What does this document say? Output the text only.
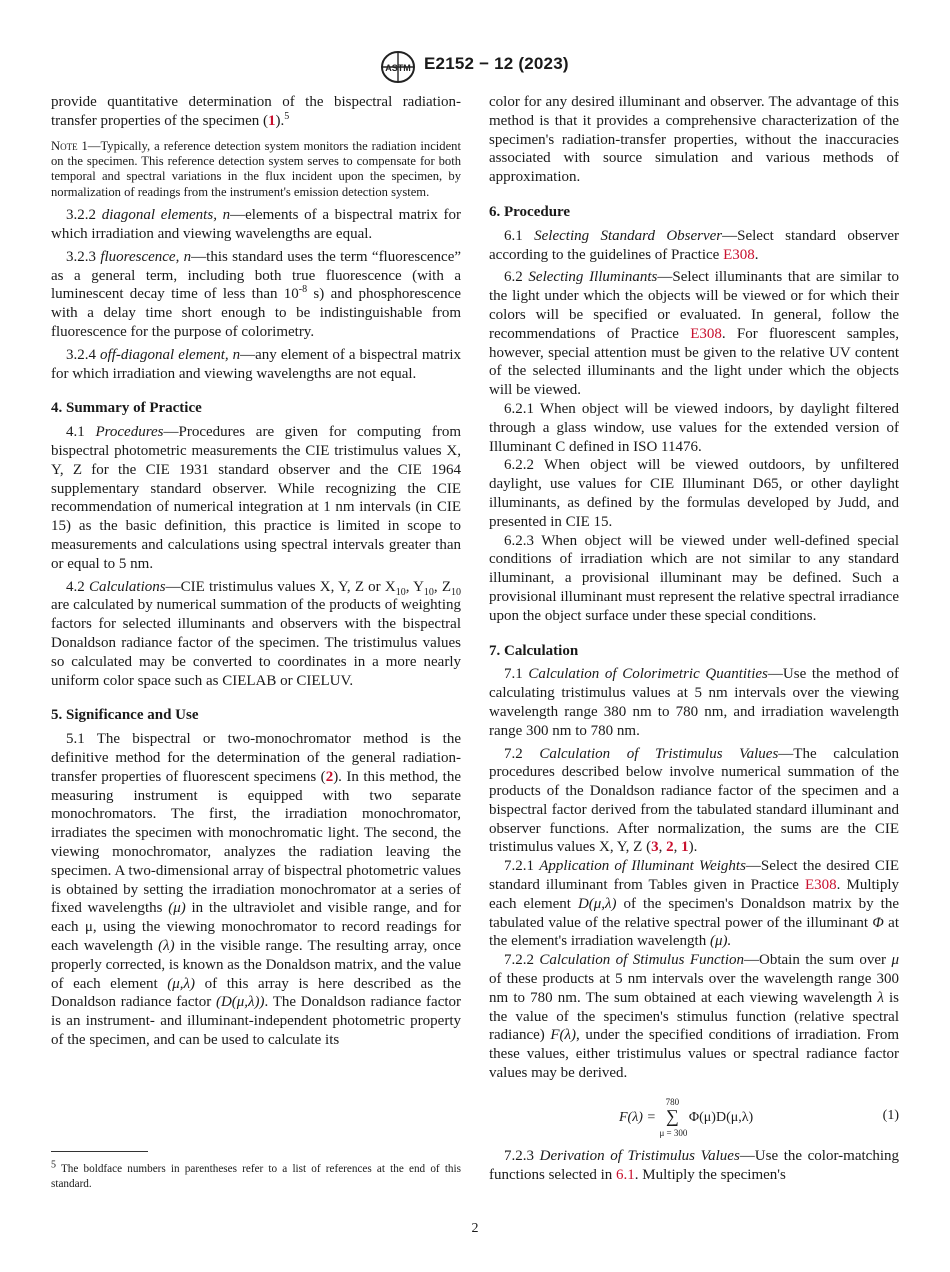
ASTM E2152 − 12 (2023)

provide quantitative determination of the bispectral radiation-transfer properties of the specimen (1).$^5$

Note 1—Typically, a reference detection system monitors the radiation incident on the specimen. This reference detection system serves to compensate for both temporal and spectral variations in the flux incident upon the specimen, by normalization of readings from the instrument's emission detection system.

3.2.2 diagonal elements, n—elements of a bispectral matrix for which irradiation and viewing wavelengths are equal.

3.2.3 fluorescence, n—this standard uses the term “fluorescence” as a general term, including both true fluorescence (with a luminescent decay time of less than $10^{-8}$ s) and phosphorescence with a delay time short enough to be indistinguishable from fluorescence for the purpose of colorimetry.

3.2.4 off-diagonal element, n—any element of a bispectral matrix for which irradiation and viewing wavelengths are not equal.

4. Summary of Practice

4.1 Procedures—Procedures are given for computing from bispectral photometric measurements the CIE tristimulus values X, Y, Z for the CIE 1931 standard observer and the CIE 1964 supplementary standard observer. While recognizing the CIE recommendation of numerical integration at 1 nm intervals (in CIE 15) as the basic definition, this practice is limited in scope to measurements and calculations using spectral intervals greater than or equal to 5 nm.

4.2 Calculations—CIE tristimulus values X, Y, Z or $X_{10}$, $Y_{10}$, $Z_{10}$ are calculated by numerical summation of the products of weighting factors for selected illuminants and observers with the bispectral Donaldson radiance factor of the specimen. The tristimulus values so calculated may be converted to coordinates in a more nearly uniform color space such as CIELAB or CIELUV.

5. Significance and Use

5.1 The bispectral or two-monochromator method is the definitive method for the determination of the general radiation-transfer properties of fluorescent specimens (2). In this method, the measuring instrument is equipped with two separate monochromators. The first, the irradiation monochromator, irradiates the specimen with monochromatic light. The second, the viewing monochromator, analyzes the radiation leaving the specimen. A two-dimensional array of bispectral photometric values is obtained by setting the irradiation monochromator at a series of fixed wavelengths (μ) in the ultraviolet and visible range, and for each μ, using the viewing monochromator to record readings for each wavelength (λ) in the visible range. The resulting array, once properly corrected, is known as the Donaldson matrix, and the value of each element (μ,λ) of this array is here described as the Donaldson radiance factor (D(μ,λ)). The Donaldson radiance factor is an instrument- and illuminant-independent photometric property of the specimen, and can be used to calculate its

color for any desired illuminant and observer. The advantage of this method is that it provides a comprehensive characterization of the specimen's radiation-transfer properties, without the inaccuracies associated with source simulation and various methods of approximation.

6. Procedure

6.1 Selecting Standard Observer—Select standard observer according to the guidelines of Practice E308.

6.2 Selecting Illuminants—Select illuminants that are similar to the light under which the objects will be viewed or for which their colors will be specified or evaluated. In general, follow the recommendations of Practice E308. For fluorescent samples, however, special attention must be given to the relative UV content of the selected illuminants and the light under which the objects will be viewed.

6.2.1 When object will be viewed indoors, by daylight filtered through a glass window, use values for the extended version of Illuminant C defined in ISO 11476.

6.2.2 When object will be viewed outdoors, by unfiltered daylight, use values for CIE Illuminant D65, or other daylight illuminants, as defined by the formulas developed by Judd, and presented in CIE 15.

6.2.3 When object will be viewed under well-defined special conditions of irradiation which are not similar to any standard illuminant, a provisional illuminant may be defined. Such a provisional illuminant must represent the relative spectral irradiance upon the object surface under these special conditions.

7. Calculation

7.1 Calculation of Colorimetric Quantities—Use the method of calculating tristimulus values at 5 nm intervals over the viewing wavelength range 380 nm to 780 nm, and irradiation wavelength range 300 nm to 780 nm.

7.2 Calculation of Tristimulus Values—The calculation procedures described below involve numerical summation of the products of the Donaldson radiance factor of the specimen and a bispectral factor derived from the tabulated standard illuminant and observer functions. After normalization, the sums are the CIE tristimulus values X, Y, Z (3, 2, 1).

7.2.1 Application of Illuminant Weights—Select the desired CIE standard illuminant from Tables given in Practice E308. Multiply each element D(μ,λ) of the specimen's Donaldson matrix by the tabulated value of the relative spectral power of the illuminant Φ at the element's irradiation wavelength (μ).

7.2.2 Calculation of Stimulus Function—Obtain the sum over μ of these products at 5 nm intervals over the wavelength range 300 nm to 780 nm. The sum obtained at each viewing wavelength λ is the value of the specimen's stimulus function (relative spectral radiance) F(λ), under the specified conditions of irradiation. From these values, either tristimulus values or spectral radiance factor values may be derived.

F(λ) =
780
∑
μ = 300
Φ(μ)D(μ,λ)	(1)

7.2.3 Derivation of Tristimulus Values—Use the color-matching functions selected in 6.1. Multiply the specimen's

$^5$ The boldface numbers in parentheses refer to a list of references at the end of this standard.
2
